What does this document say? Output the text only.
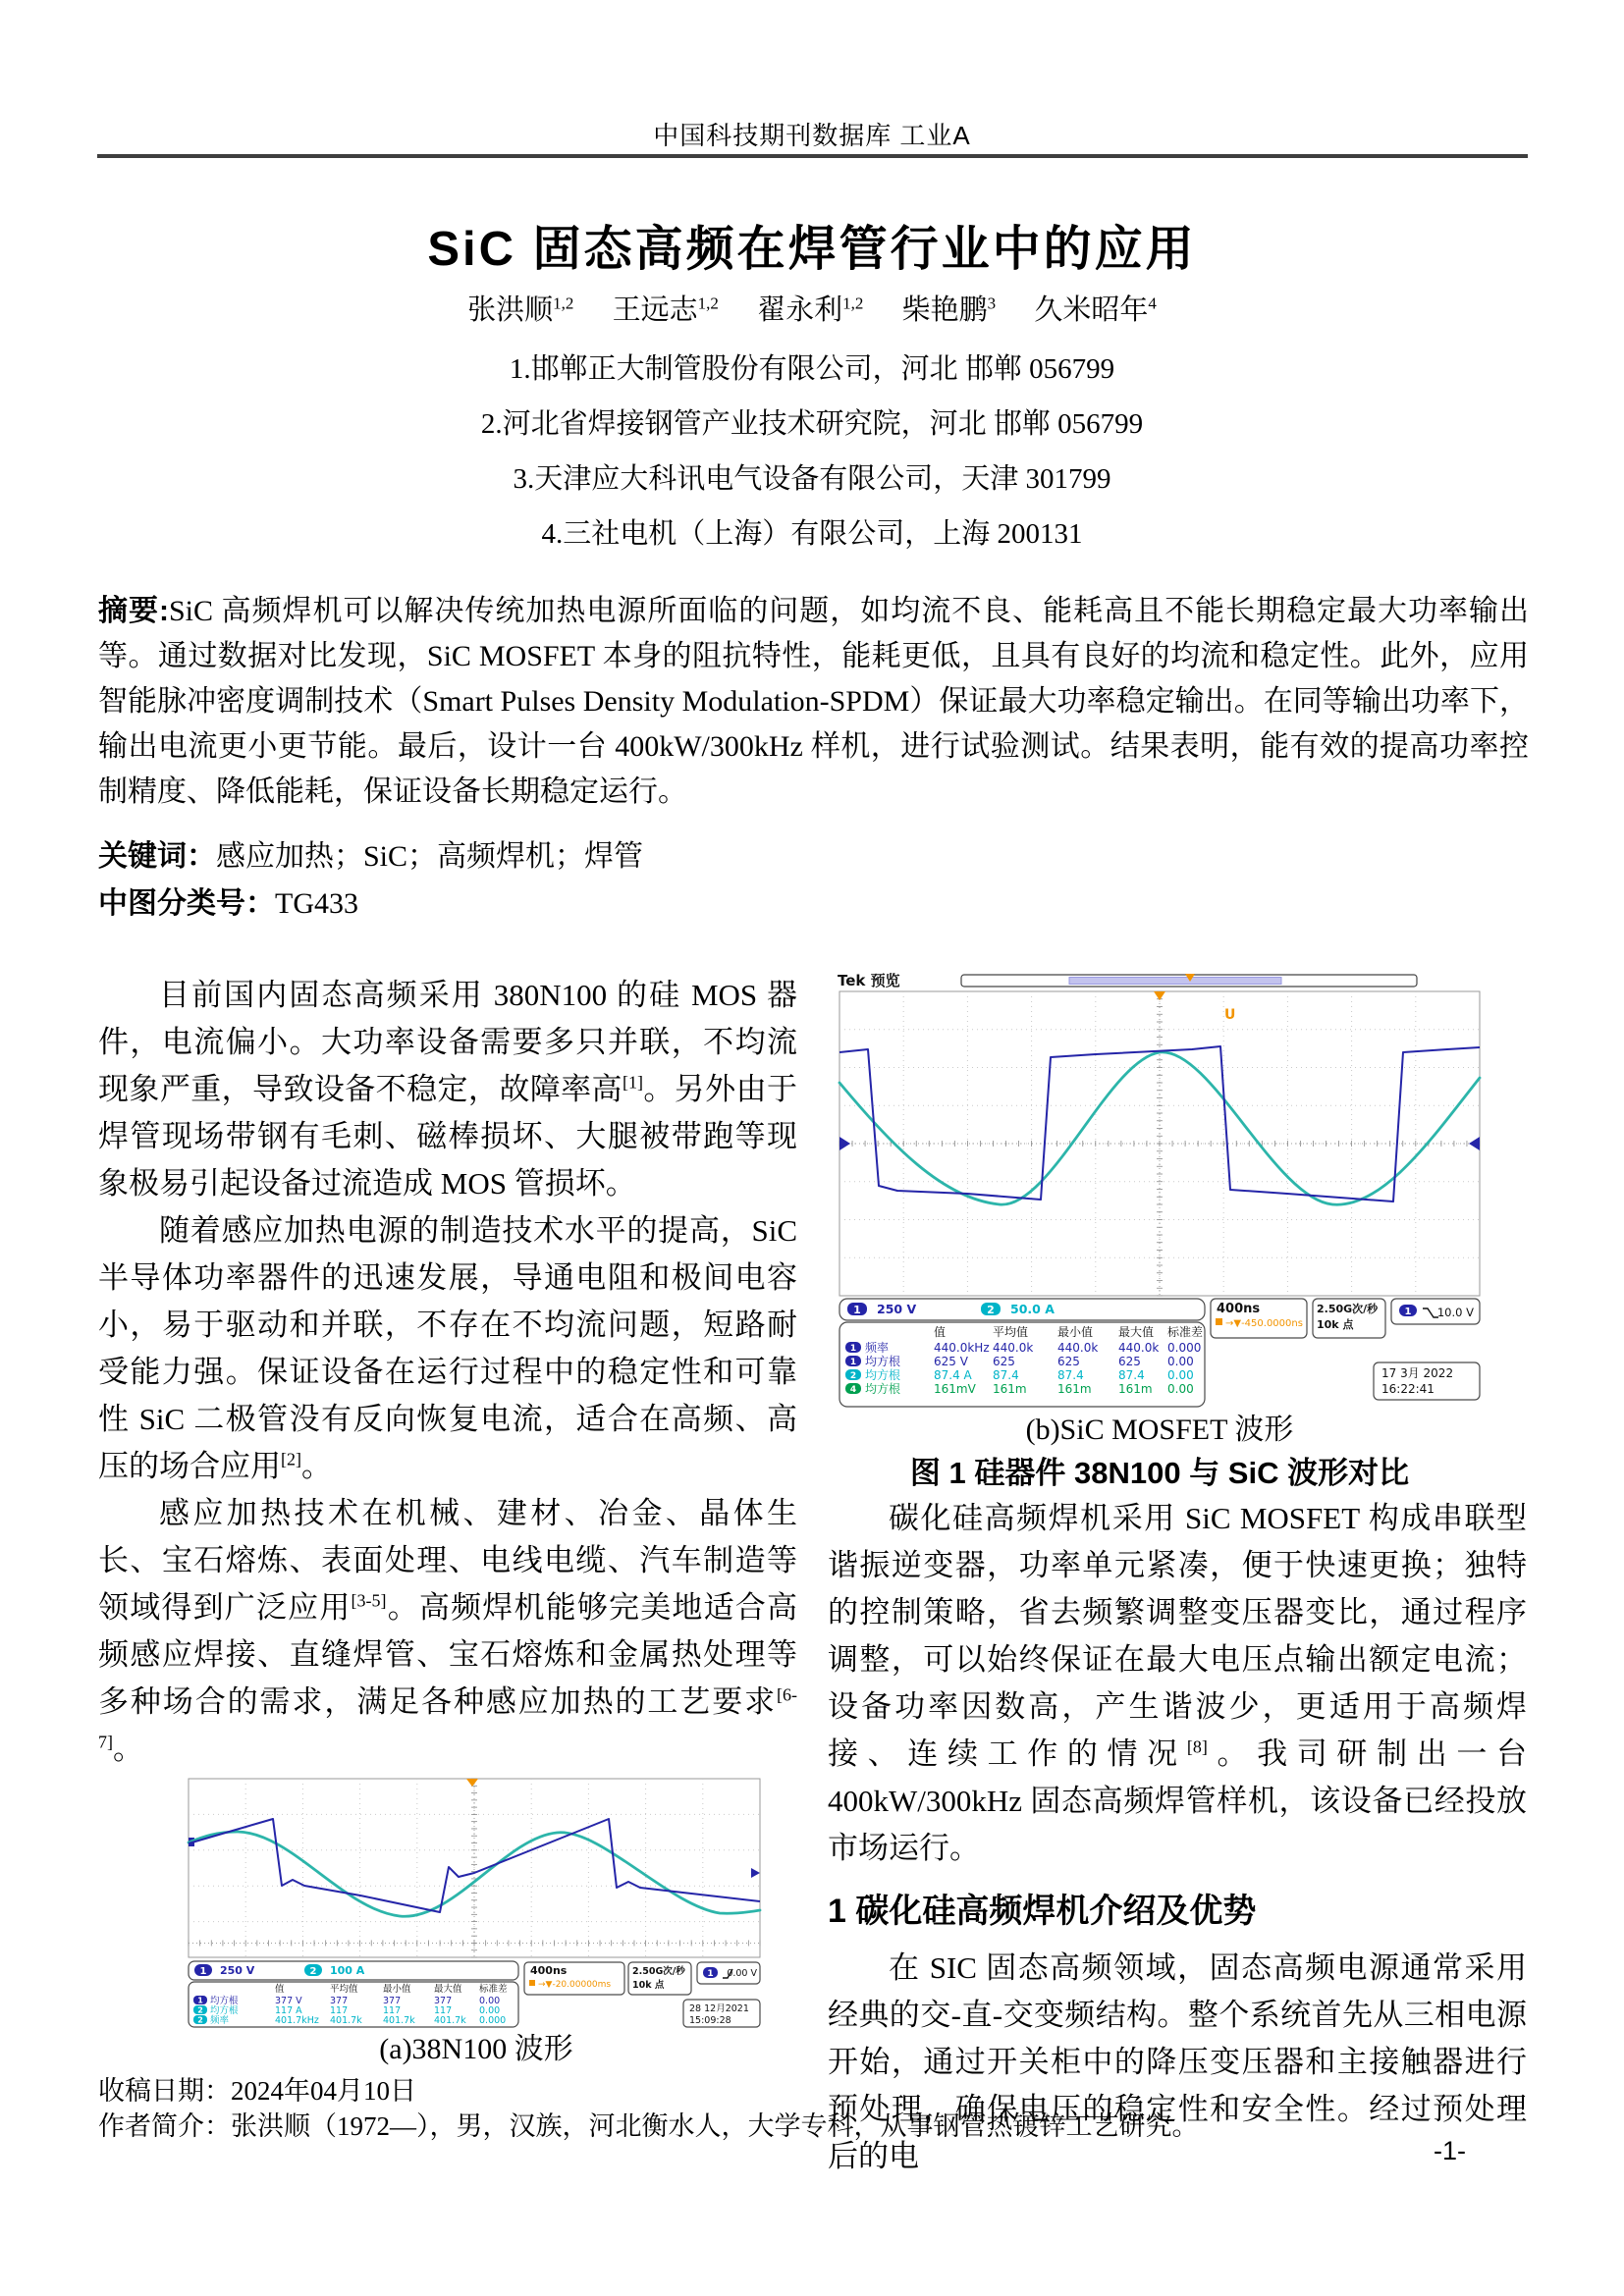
中国科技期刊数据库 工业A
SiC 固态高频在焊管行业中的应用
张洪顺$^{1,2}$ 王远志$^{1,2}$ 翟永利$^{1,2}$ 柴艳鹏$^3$ 久米昭年$^4$
1.邯郸正大制管股份有限公司，河北 邯郸 056799
2.河北省焊接钢管产业技术研究院，河北 邯郸 056799
3.天津应大科讯电气设备有限公司，天津 301799
4.三社电机（上海）有限公司，上海 200131

摘要:SiC 高频焊机可以解决传统加热电源所面临的问题，如均流不良、能耗高且不能长期稳定最大功率输出等。通过数据对比发现，SiC MOSFET 本身的阻抗特性，能耗更低，且具有良好的均流和稳定性。此外，应用智能脉冲密度调制技术（Smart Pulses Density Modulation-SPDM）保证最大功率稳定输出。在同等输出功率下，输出电流更小更节能。最后，设计一台 400kW/300kHz 样机，进行试验测试。结果表明，能有效的提高功率控制精度、降低能耗，保证设备长期稳定运行。

关键词：感应加热；SiC；高频焊机；焊管

中图分类号：TG433

目前国内固态高频采用 380N100 的硅 MOS 器件，电流偏小。大功率设备需要多只并联，不均流现象严重，导致设备不稳定，故障率高[1]。另外由于焊管现场带钢有毛刺、磁棒损坏、大腿被带跑等现象极易引起设备过流造成 MOS 管损坏。

随着感应加热电源的制造技术水平的提高，SiC 半导体功率器件的迅速发展，导通电阻和极间电容小，易于驱动和并联，不存在不均流问题，短路耐受能力强。保证设备在运行过程中的稳定性和可靠性 SiC 二极管没有反向恢复电流，适合在高频、高压的场合应用[2]。

感应加热技术在机械、建材、冶金、晶体生长、宝石熔炼、表面处理、电线电缆、汽车制造等领域得到广泛应用[3-5]。高频焊机能够完美地适合高频感应焊接、直缝焊管、宝石熔炼和金属热处理等多种场合的需求，满足各种感应加热的工艺要求[6-7]。

1 250 V	2 100 A
值	平均值	最小值 最大值 标准差
1 均方根	377 V	377	377	377	0.00
2 均方根	117 A	117	117	117	0.00
2 频率	401.7kHz 401.7k 401.7k 401.7k 0.000
400ns
→▼-20.00000ms
2.50G次/秒
10k 点
1 0.00 V
28 12月2021
15:09:28
(a)38N100 波形
Tek 预览
U
1 250 V	2 50.0 A
值	平均值 最小值 最大值 标准差
1 频率	440.0kHz 440.0k 440.0k 440.0k 0.000
1 均方根	625 V 625	625	625 0.00
2 均方根	87.4 A 87.4	87.4	87.4 0.00
4 均方根	161mV 161m	161m 161m 0.00
400ns
→▼-450.0000ns
2.50G次/秒
10k 点
1 10.0 V
17 3月 2022
16:22:41
(b)SiC MOSFET 波形
图 1 硅器件 38N100 与 SiC 波形对比

碳化硅高频焊机采用 SiC MOSFET 构成串联型谐振逆变器，功率单元紧凑，便于快速更换；独特的控制策略，省去频繁调整变压器变比，通过程序调整，可以始终保证在最大电压点输出额定电流；设备功率因数高，产生谐波少，更适用于高频焊接、连续工作的情况[8]。我司研制出一台 400kW/300kHz 固态高频焊管样机，该设备已经投放市场运行。

1 碳化硅高频焊机介绍及优势

在 SIC 固态高频领域，固态高频电源通常采用经典的交-直-交变频结构。整个系统首先从三相电源开始，通过开关柜中的降压变压器和主接触器进行预处理，确保电压的稳定性和安全性。经过预处理后的电

收稿日期：2024年04月10日
作者简介：张洪顺（1972—），男，汉族，河北衡水人，大学专科，从事钢管热镀锌工艺研究。
-1-
